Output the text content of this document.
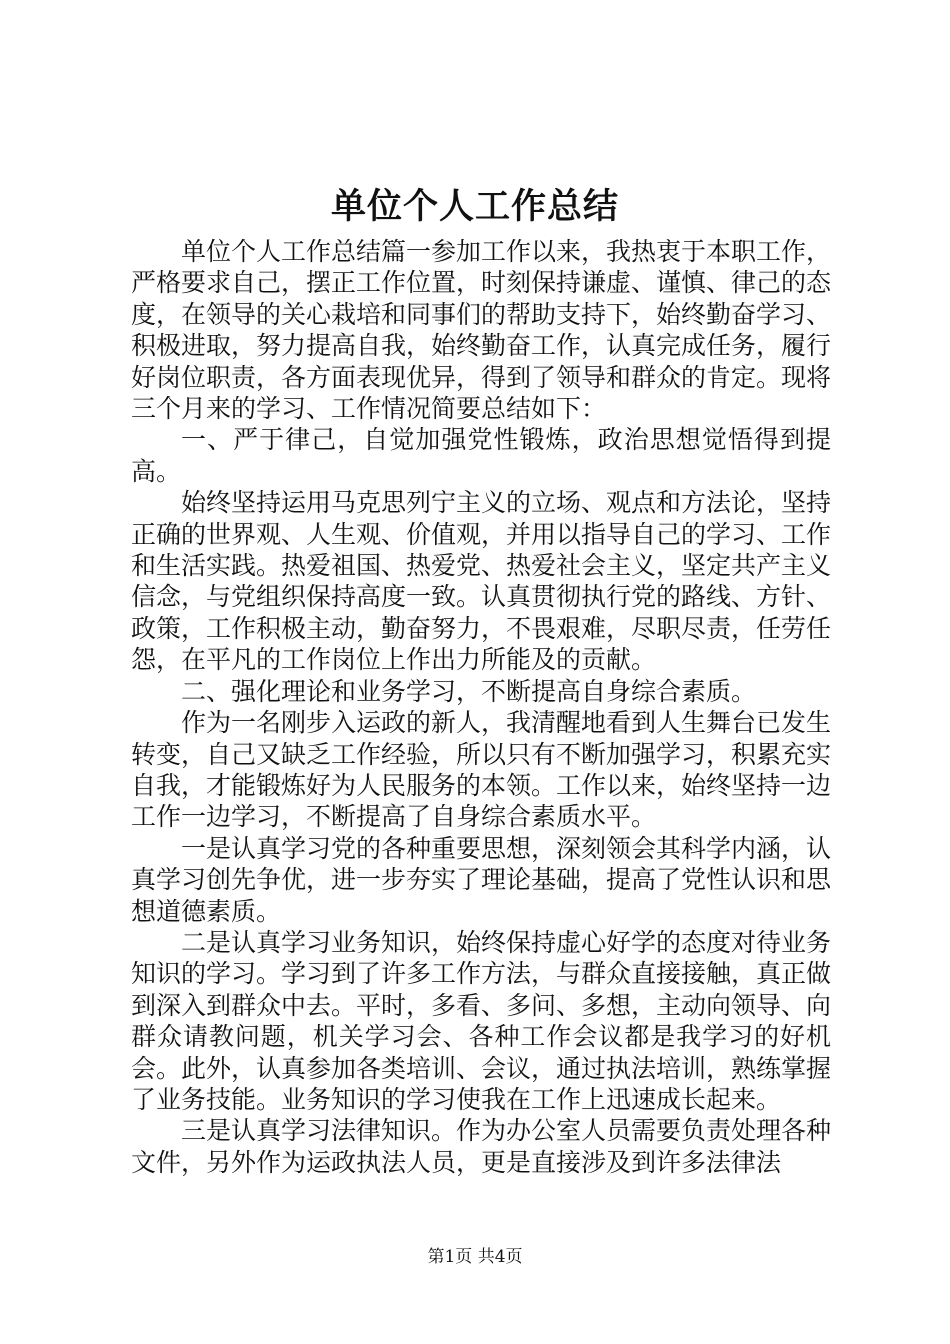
单位个人工作总结

单位个人工作总结篇一参加工作以来，我热衷于本职工作，严格要求自己，摆正工作位置，时刻保持谦虚、谨慎、律己的态度，在领导的关心栽培和同事们的帮助支持下，始终勤奋学习、积极进取，努力提高自我，始终勤奋工作，认真完成任务，履行好岗位职责，各方面表现优异，得到了领导和群众的肯定。现将三个月来的学习、工作情况简要总结如下：

一、严于律己，自觉加强党性锻炼，政治思想觉悟得到提高。

始终坚持运用马克思列宁主义的立场、观点和方法论，坚持正确的世界观、人生观、价值观，并用以指导自己的学习、工作和生活实践。热爱祖国、热爱党、热爱社会主义，坚定共产主义信念，与党组织保持高度一致。认真贯彻执行党的路线、方针、政策，工作积极主动，勤奋努力，不畏艰难，尽职尽责，任劳任怨，在平凡的工作岗位上作出力所能及的贡献。

二、强化理论和业务学习，不断提高自身综合素质。

作为一名刚步入运政的新人，我清醒地看到人生舞台已发生转变，自己又缺乏工作经验，所以只有不断加强学习，积累充实自我，才能锻炼好为人民服务的本领。工作以来，始终坚持一边工作一边学习，不断提高了自身综合素质水平。

一是认真学习党的各种重要思想，深刻领会其科学内涵，认真学习创先争优，进一步夯实了理论基础，提高了党性认识和思想道德素质。

二是认真学习业务知识，始终保持虚心好学的态度对待业务知识的学习。学习到了许多工作方法，与群众直接接触，真正做到深入到群众中去。平时，多看、多问、多想，主动向领导、向群众请教问题，机关学习会、各种工作会议都是我学习的好机会。此外，认真参加各类培训、会议，通过执法培训，熟练掌握了业务技能。业务知识的学习使我在工作上迅速成长起来。

三是认真学习法律知识。作为办公室人员需要负责处理各种文件，另外作为运政执法人员，更是直接涉及到许多法律法

第1页 共4页
